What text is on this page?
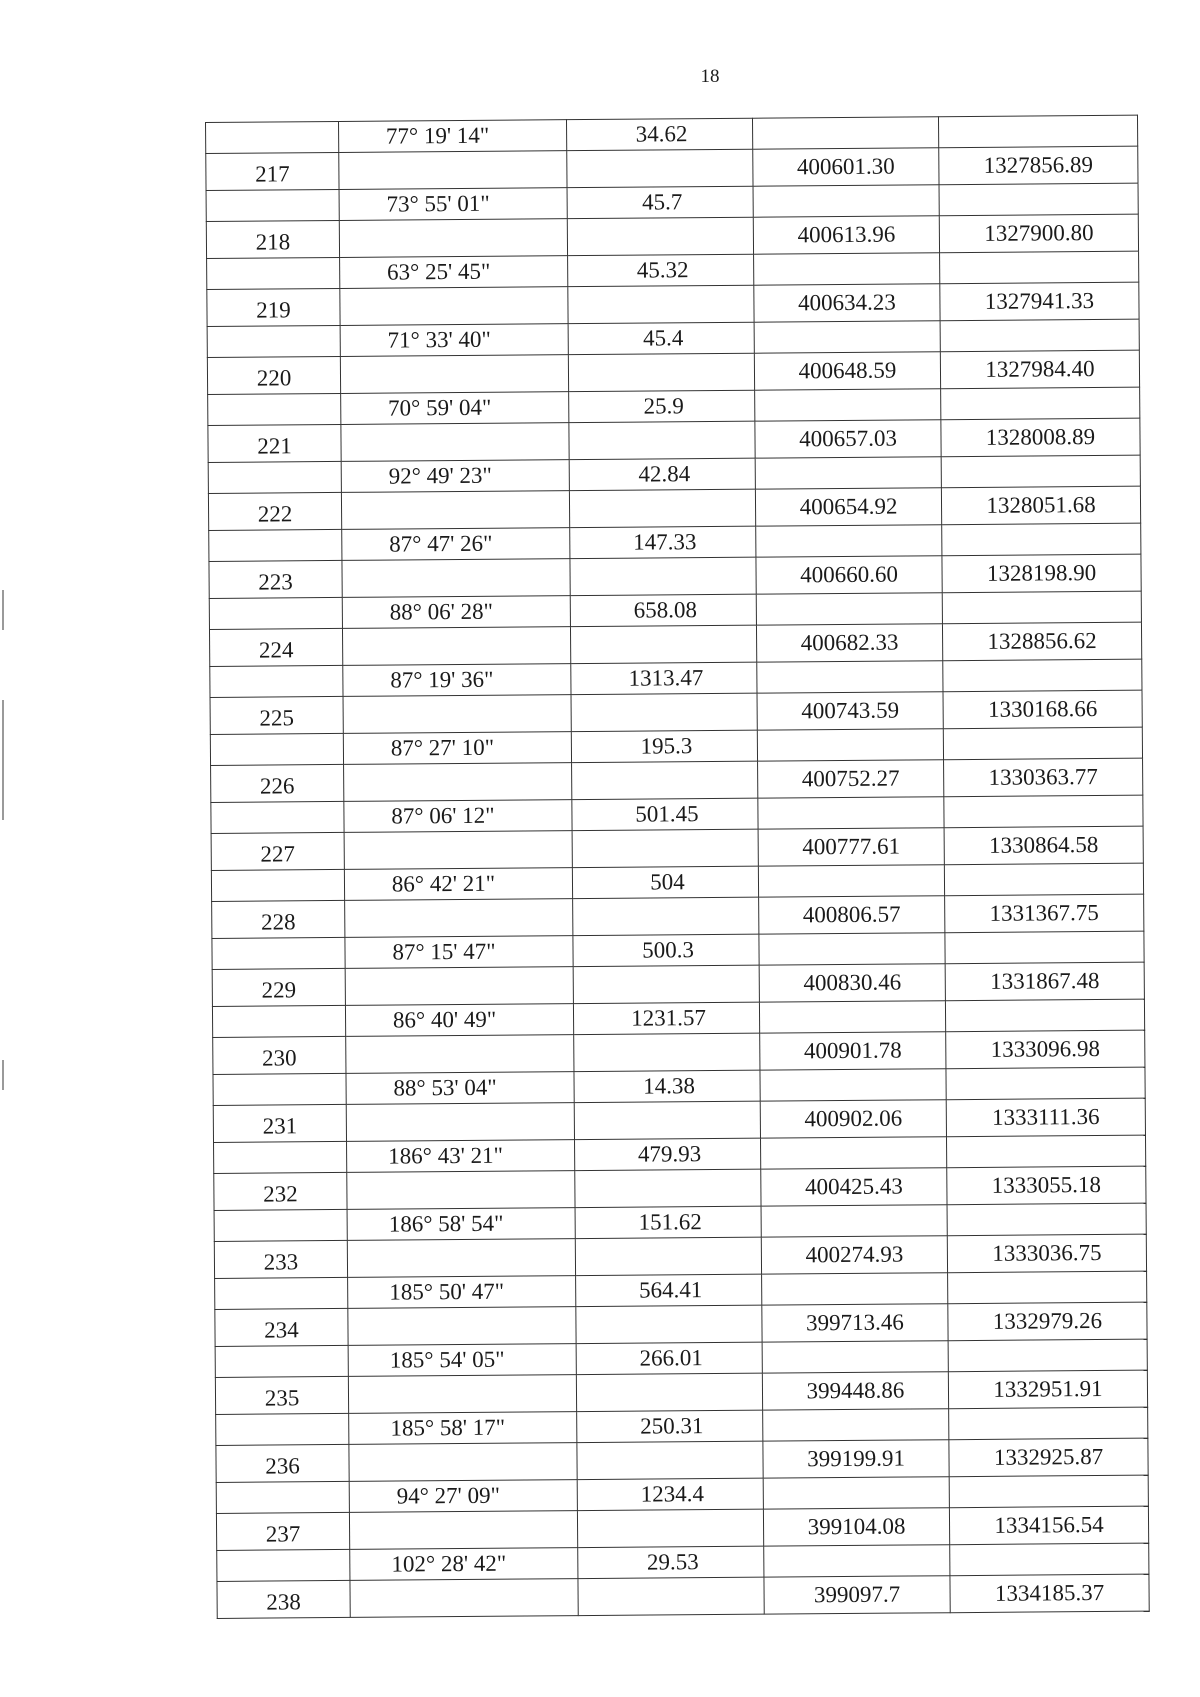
18
	77° 19' 14"	34.62		
217			400601.30	1327856.89
	73° 55' 01"	45.7		
218			400613.96	1327900.80
	63° 25' 45"	45.32		
219			400634.23	1327941.33
	71° 33' 40"	45.4		
220			400648.59	1327984.40
	70° 59' 04"	25.9		
221			400657.03	1328008.89
	92° 49' 23"	42.84		
222			400654.92	1328051.68
	87° 47' 26"	147.33		
223			400660.60	1328198.90
	88° 06' 28"	658.08		
224			400682.33	1328856.62
	87° 19' 36"	1313.47		
225			400743.59	1330168.66
	87° 27' 10"	195.3		
226			400752.27	1330363.77
	87° 06' 12"	501.45		
227			400777.61	1330864.58
	86° 42' 21"	504		
228			400806.57	1331367.75
	87° 15' 47"	500.3		
229			400830.46	1331867.48
	86° 40' 49"	1231.57		
230			400901.78	1333096.98
	88° 53' 04"	14.38		
231			400902.06	1333111.36
	186° 43' 21"	479.93		
232			400425.43	1333055.18
	186° 58' 54"	151.62		
233			400274.93	1333036.75
	185° 50' 47"	564.41		
234			399713.46	1332979.26
	185° 54' 05"	266.01		
235			399448.86	1332951.91
	185° 58' 17"	250.31		
236			399199.91	1332925.87
	94° 27' 09"	1234.4		
237			399104.08	1334156.54
	102° 28' 42"	29.53		
238			399097.7	1334185.37
